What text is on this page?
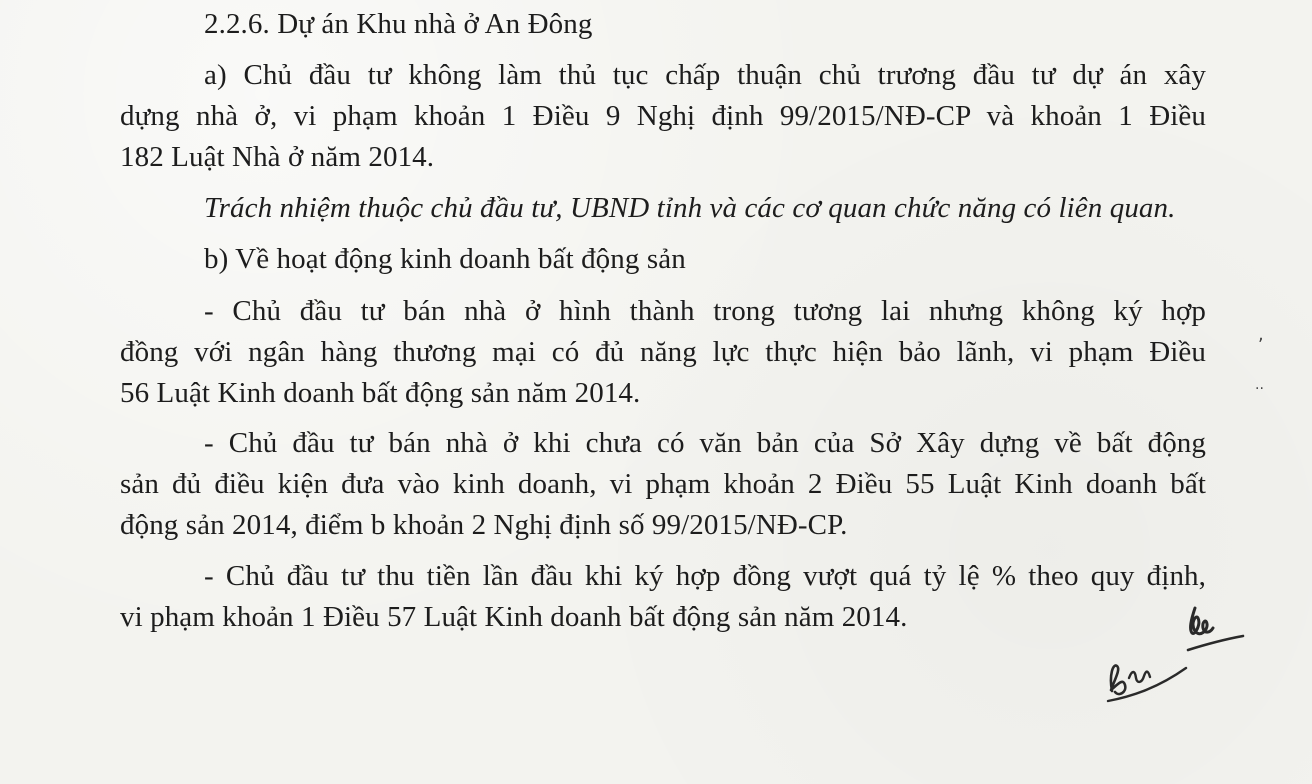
2.2.6. Dự án Khu nhà ở An Đông

a) Chủ đầu tư không làm thủ tục chấp thuận chủ trương đầu tư dự án xây

dựng nhà ở, vi phạm khoản 1 Điều 9 Nghị định 99/2015/NĐ-CP và khoản 1 Điều

182 Luật Nhà ở năm 2014.

Trách nhiệm thuộc chủ đầu tư, UBND tỉnh và các cơ quan chức năng có liên quan.

b) Về hoạt động kinh doanh bất động sản

- Chủ đầu tư bán nhà ở hình thành trong tương lai nhưng không ký hợp

đồng với ngân hàng thương mại có đủ năng lực thực hiện bảo lãnh, vi phạm Điều

56 Luật Kinh doanh bất động sản năm 2014.

- Chủ đầu tư bán nhà ở khi chưa có văn bản của Sở Xây dựng về bất động

sản đủ điều kiện đưa vào kinh doanh, vi phạm khoản 2 Điều 55 Luật Kinh doanh bất

động sản 2014, điểm b khoản 2 Nghị định số 99/2015/NĐ-CP.

- Chủ đầu tư thu tiền lần đầu khi ký hợp đồng vượt quá tỷ lệ % theo quy định,

vi phạm khoản 1 Điều 57 Luật Kinh doanh bất động sản năm 2014.

,
··
